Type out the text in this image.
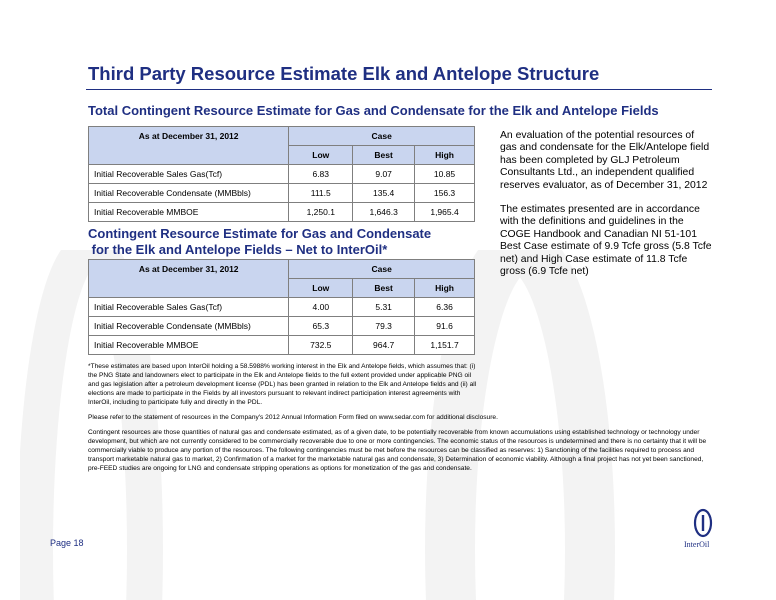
Third Party Resource Estimate Elk and Antelope Structure
Total Contingent Resource Estimate for Gas and Condensate for the Elk and Antelope Fields
As at December 31, 2012	Case		
	Low	Best	High
Initial Recoverable Sales Gas(Tcf)	6.83	9.07	10.85
Initial Recoverable Condensate (MMBbls)	111.5	135.4	156.3
Initial Recoverable MMBOE	1,250.1	1,646.3	1,965.4
Contingent Resource Estimate for Gas and Condensate
for the Elk and Antelope Fields – Net to InterOil*
As at December 31, 2012	Case		
	Low	Best	High
Initial Recoverable Sales Gas(Tcf)	4.00	5.31	6.36
Initial Recoverable Condensate (MMBbls)	65.3	79.3	91.6
Initial Recoverable MMBOE	732.5	964.7	1,151.7

An evaluation of the potential resources of gas and condensate for the Elk/Antelope field has been completed by GLJ Petroleum Consultants Ltd., an independent qualified reserves evaluator, as of December 31, 2012

The estimates presented are in accordance with the definitions and guidelines in the COGE Handbook and Canadian NI 51-101

Best Case estimate of 9.9 Tcfe gross (5.8 Tcfe net) and High Case estimate of 11.8 Tcfe gross (6.9 Tcfe net)

*These estimates are based upon InterOil holding a 58.5988% working interest in the Elk and Antelope fields, which assumes that: (i) the PNG State and landowners elect to participate in the Elk and Antelope fields to the full extent provided under applicable PNG oil and gas legislation after a petroleum development license (PDL) has been granted in relation to the Elk and Antelope fields and (ii) all elections are made to participate in the Fields by all investors pursuant to relevant indirect participation interest agreements with InterOil, including to participate fully and directly in the PDL.

Please refer to the statement of resources in the Company's 2012 Annual Information Form filed on www.sedar.com for additional disclosure.

Contingent resources are those quantities of natural gas and condensate estimated, as of a given date, to be potentially recoverable from known accumulations using established technology or technology under development, but which are not currently considered to be commercially recoverable due to one or more contingencies. The economic status of the resources is undetermined and there is no certainty that it will be commercially viable to produce any portion of the resources. The following contingencies must be met before the resources can be classified as reserves: 1) Sanctioning of the facilities required to process and transport marketable natural gas to market, 2) Confirmation of a market for the marketable natural gas and condensate, 3) Determination of economic viability. Although a final project has not yet been sanctioned, pre-FEED studies are ongoing for LNG and condensate stripping operations as options for monetization of the gas and condensate.

Page 18	InterOil
